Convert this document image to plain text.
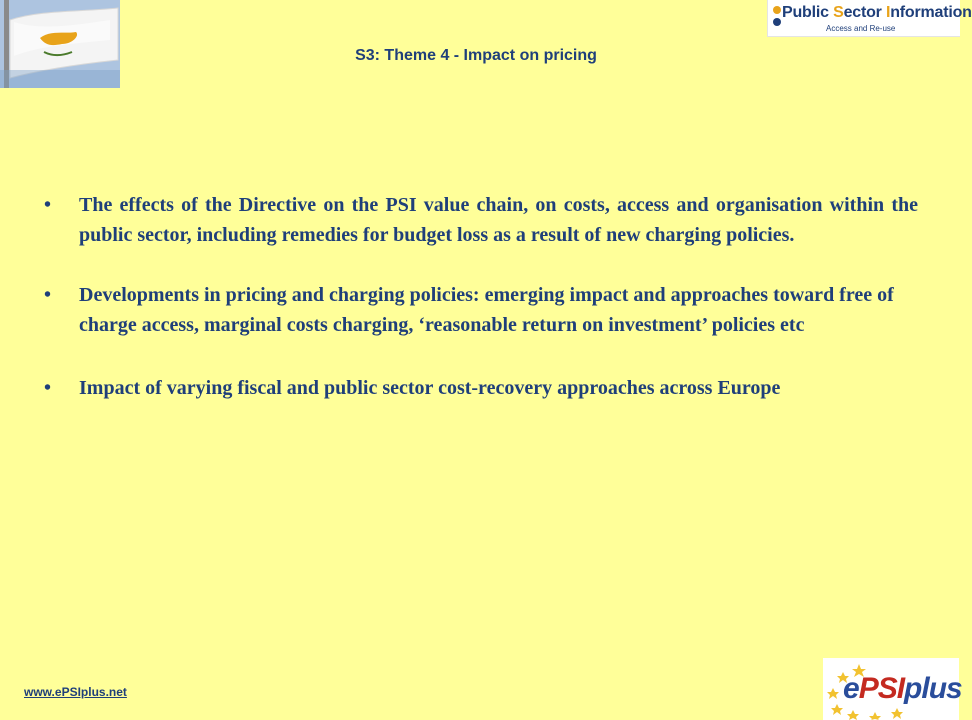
Public Sector Information
Access and Re-use
S3: Theme 4 - Impact on pricing
• The effects of the Directive on the PSI value chain, on costs, access and organisation within the public sector, including remedies for budget loss as a result of new charging policies.
• Developments in pricing and charging policies: emerging impact and approaches toward free of charge access, marginal costs charging, ‘reasonable return on investment’ policies etc
• Impact of varying fiscal and public sector cost-recovery approaches across Europe
www.ePSIplus.net	ePSIplus
